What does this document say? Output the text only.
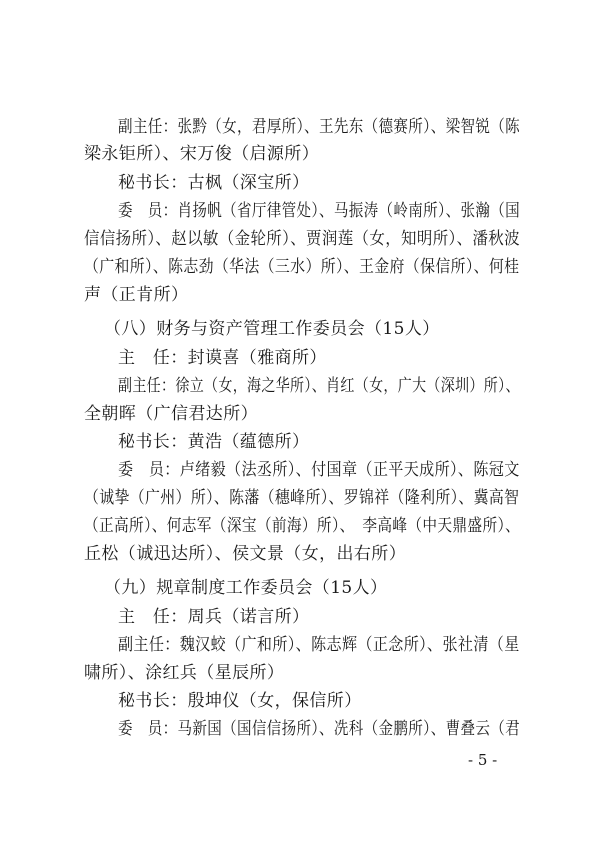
副主任：张黔（女，君厚所）、王先东（德赛所）、梁智锐（陈
梁永钜所）、宋万俊（启源所）
秘书长：古枫（深宝所）
委　员：肖扬帆（省厅律管处）、马振涛（岭南所）、张瀚（国
信信扬所）、赵以敏（金轮所）、贾润莲（女，知明所）、潘秋波
（广和所）、陈志劲（华法（三水）所）、王金府（保信所）、何桂
声（正肯所）
（八）财务与资产管理工作委员会（15人）
主　任：封谟喜（雅商所）
副主任：徐立（女，海之华所）、肖红（女，广大（深圳）所）、
全朝晖（广信君达所）
秘书长：黄浩（蕴德所）
委　员：卢绪毅（法丞所）、付国章（正平天成所）、陈冠文
（诚挚（广州）所）、陈藩（穗峰所）、罗锦祥（隆利所）、冀高智
（正高所）、何志军（深宝（前海）所）、　李高峰（中天鼎盛所）、
丘松（诚迅达所）、侯文景（女，出右所）
（九）规章制度工作委员会（15人）
主　任：周兵（诺言所）
副主任：魏汉蛟（广和所）、陈志辉（正念所）、张社清（星
啸所）、涂红兵（星辰所）
秘书长：殷坤仪（女，保信所）
委　员：马新国（国信信扬所）、冼科（金鹏所）、曹叠云（君
- 5 -
